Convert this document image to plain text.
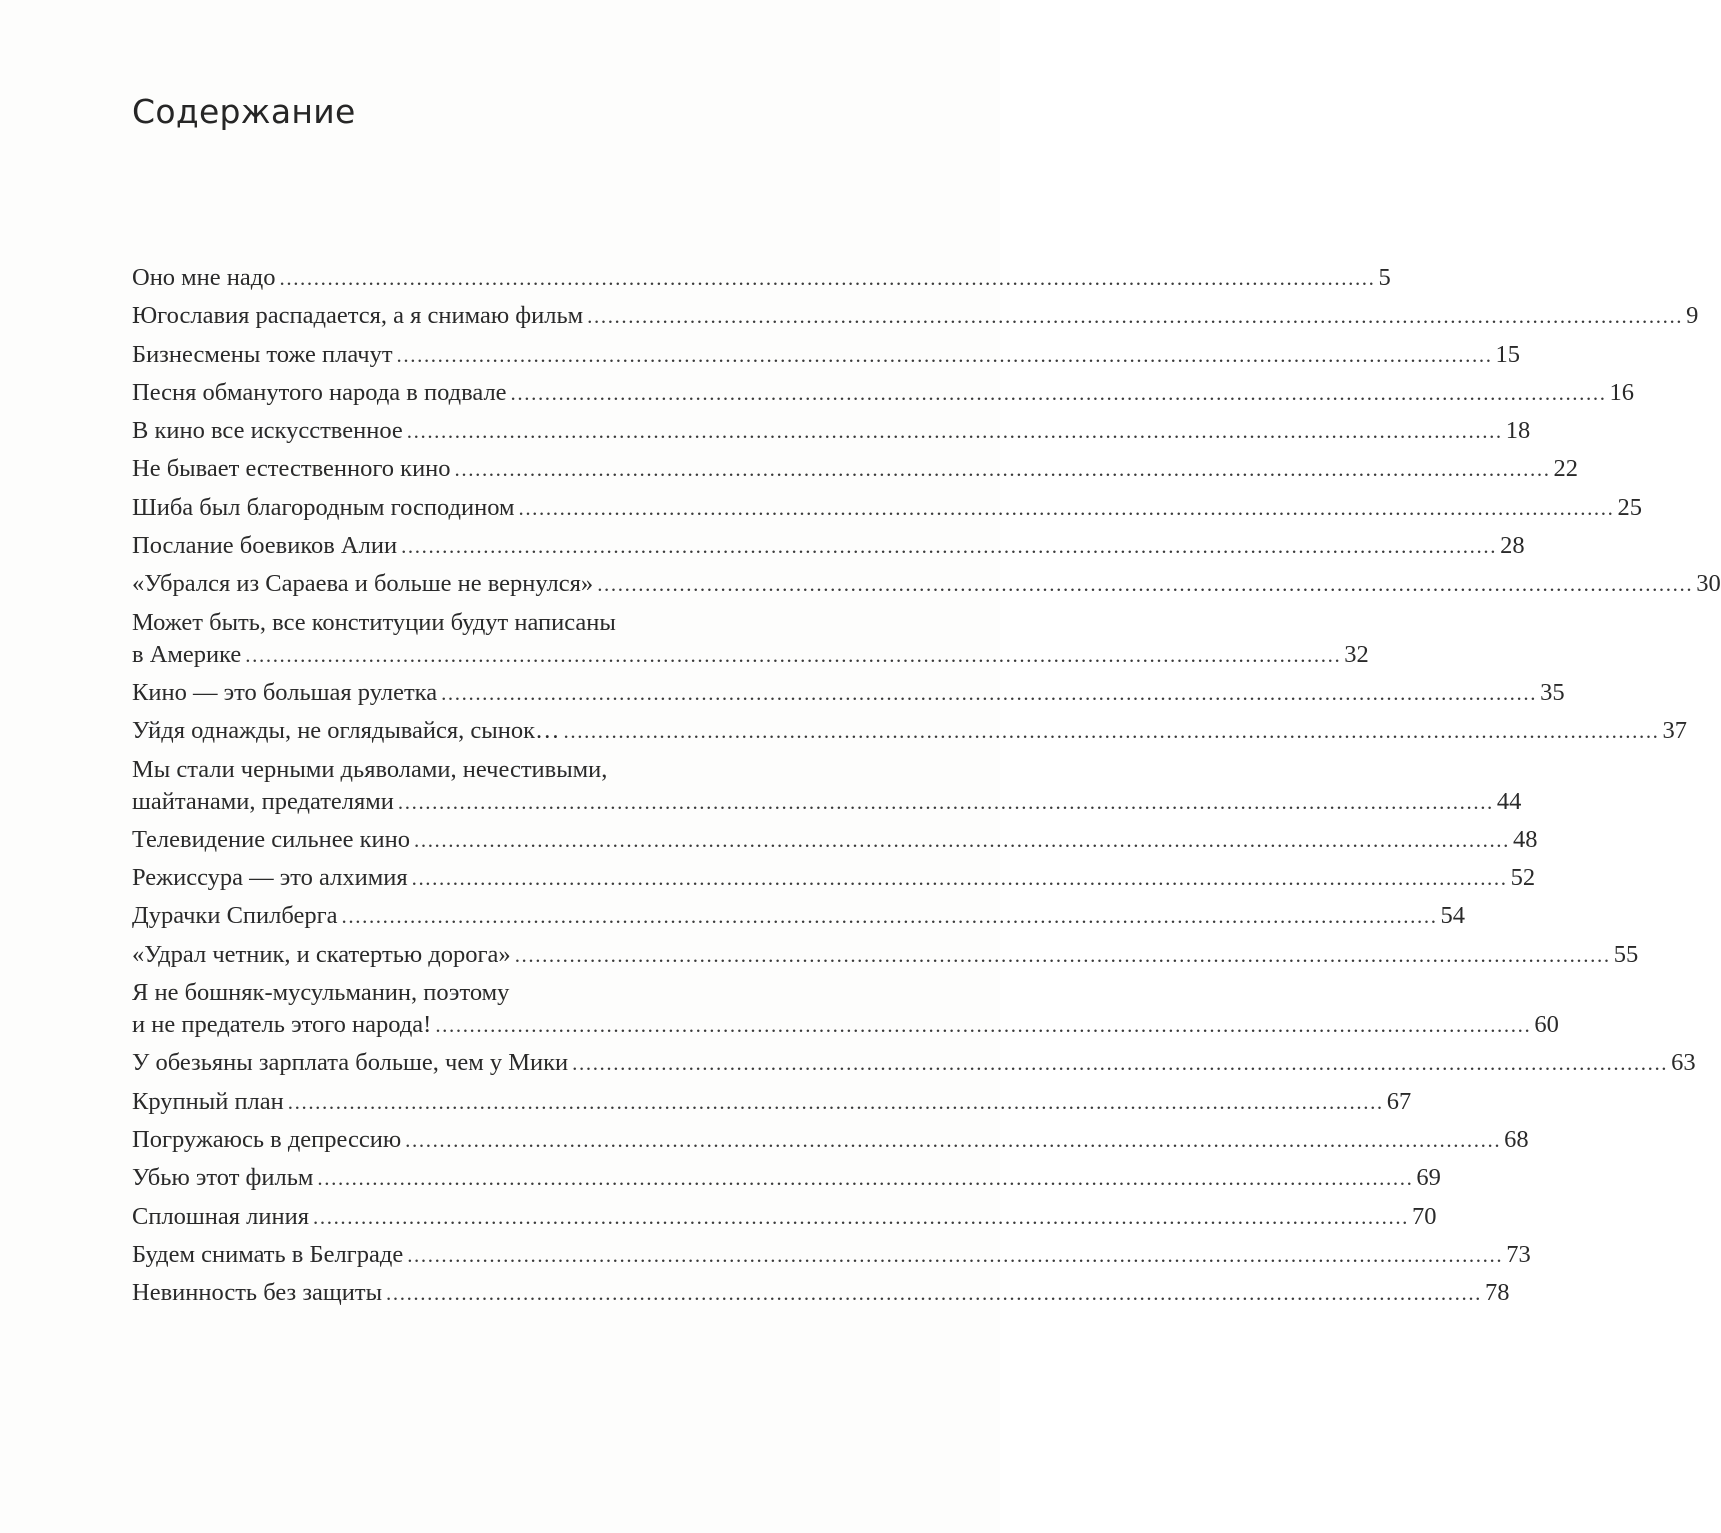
Содержание
Оно мне надо ................................................................................................................................................................ 5
Югославия распадается, а я снимаю фильм ................................................................................................................................................................ 9
Бизнесмены тоже плачут ................................................................................................................................................................ 15
Песня обманутого народа в подвале ................................................................................................................................................................ 16
В кино все искусственное ................................................................................................................................................................ 18
Не бывает естественного кино ................................................................................................................................................................ 22
Шиба был благородным господином ................................................................................................................................................................ 25
Послание боевиков Алии ................................................................................................................................................................ 28
«Убрался из Сараева и больше не вернулся» ................................................................................................................................................................ 30
Может быть, все конституции будут написаны
в Америке ................................................................................................................................................................ 32
Кино — это большая рулетка ................................................................................................................................................................ 35
Уйдя однажды, не оглядывайся, сынок… ................................................................................................................................................................ 37
Мы стали черными дьяволами, нечестивыми,
шайтанами, предателями ................................................................................................................................................................ 44
Телевидение сильнее кино ................................................................................................................................................................ 48
Режиссура — это алхимия ................................................................................................................................................................ 52
Дурачки Спилберга ................................................................................................................................................................ 54
«Удрал четник, и скатертью дорога» ................................................................................................................................................................ 55
Я не бошняк-мусульманин, поэтому
и не предатель этого народа! ................................................................................................................................................................ 60
У обезьяны зарплата больше, чем у Мики ................................................................................................................................................................ 63
Крупный план ................................................................................................................................................................ 67
Погружаюсь в депрессию ................................................................................................................................................................ 68
Убью этот фильм ................................................................................................................................................................ 69
Сплошная линия ................................................................................................................................................................ 70
Будем снимать в Белграде ................................................................................................................................................................ 73
Невинность без защиты ................................................................................................................................................................ 78
